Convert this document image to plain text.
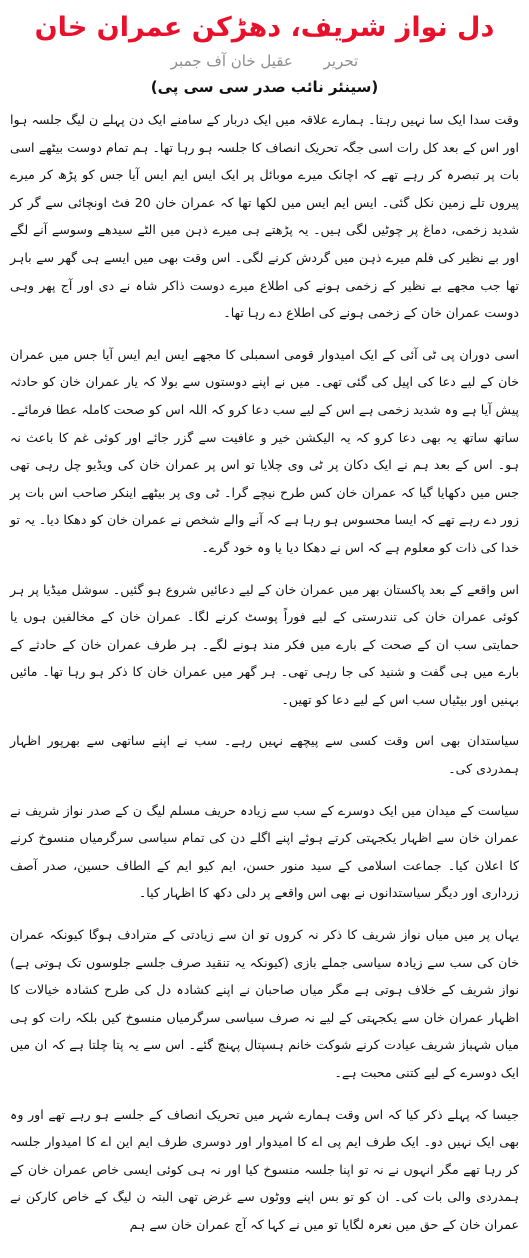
دل نواز شریف، دھڑکن عمران خان
تحریر عقیل خان آف جمبر
(سینئر نائب صدر سی سی پی)

وقت سدا ایک سا نہیں رہتا۔ ہمارے علاقہ میں ایک دربار کے سامنے ایک دن پہلے ن لیگ جلسہ ہوا اور اس کے بعد کل رات اسی جگہ تحریک انصاف کا جلسہ ہو رہا تھا۔ ہم تمام دوست بیٹھے اسی بات پر تبصرہ کر رہے تھے کہ اچانک میرے موبائل پر ایک ایس ایم ایس آیا جس کو پڑھ کر میرے پیروں تلے زمین نکل گئی۔ ایس ایم ایس میں لکھا تھا کہ عمران خان 20 فٹ اونچائی سے گر کر شدید زخمی، دماغ پر چوٹیں لگی ہیں۔ یہ پڑھتے ہی میرے ذہن میں الٹے سیدھے وسوسے آنے لگے اور بے نظیر کی فلم میرے ذہن میں گردش کرنے لگی۔ اس وقت بھی میں ایسے ہی گھر سے باہر تھا جب مجھے بے نظیر کے زخمی ہونے کی اطلاع میرے دوست ذاکر شاہ نے دی اور آج پھر وہی دوست عمران خان کے زخمی ہونے کی اطلاع دے رہا تھا۔

اسی دوران پی ٹی آئی کے ایک امیدوار قومی اسمبلی کا مجھے ایس ایم ایس آیا جس میں عمران خان کے لیے دعا کی اپیل کی گئی تھی۔ میں نے اپنے دوستوں سے بولا کہ یار عمران خان کو حادثہ پیش آیا ہے وہ شدید زخمی ہے اس کے لیے سب دعا کرو کہ اللہ اس کو صحت کاملہ عطا فرمائے۔ ساتھ ساتھ یہ بھی دعا کرو کہ یہ الیکشن خیر و عافیت سے گزر جائے اور کوئی غم کا باعث نہ ہو۔ اس کے بعد ہم نے ایک دکان پر ٹی وی چلایا تو اس پر عمران خان کی ویڈیو چل رہی تھی جس میں دکھایا گیا کہ عمران خان کس طرح نیچے گرا۔ ٹی وی پر بیٹھے اینکر صاحب اس بات پر زور دے رہے تھے کہ ایسا محسوس ہو رہا ہے کہ آنے والے شخص نے عمران خان کو دھکا دیا۔ یہ تو خدا کی ذات کو معلوم ہے کہ اس نے دھکا دیا یا وہ خود گرے۔

اس واقعے کے بعد پاکستان بھر میں عمران خان کے لیے دعائیں شروع ہو گئیں۔ سوشل میڈیا پر ہر کوئی عمران خان کی تندرستی کے لیے فوراً پوسٹ کرنے لگا۔ عمران خان کے مخالفین ہوں یا حمایتی سب ان کے صحت کے بارے میں فکر مند ہونے لگے۔ ہر طرف عمران خان کے حادثے کے بارے میں ہی گفت و شنید کی جا رہی تھی۔ ہر گھر میں عمران خان کا ذکر ہو رہا تھا۔ مائیں بہنیں اور بیٹیاں سب اس کے لیے دعا کو تھیں۔

سیاستدان بھی اس وقت کسی سے پیچھے نہیں رہے۔ سب نے اپنے ساتھی سے بھرپور اظہار ہمدردی کی۔

سیاست کے میدان میں ایک دوسرے کے سب سے زیادہ حریف مسلم لیگ ن کے صدر نواز شریف نے عمران خان سے اظہار یکجہتی کرتے ہوئے اپنے اگلے دن کی تمام سیاسی سرگرمیاں منسوخ کرنے کا اعلان کیا۔ جماعت اسلامی کے سید منور حسن، ایم کیو ایم کے الطاف حسین، صدر آصف زرداری اور دیگر سیاستدانوں نے بھی اس واقعے پر دلی دکھ کا اظہار کیا۔

یہاں پر میں میاں نواز شریف کا ذکر نہ کروں تو ان سے زیادتی کے مترادف ہوگا کیونکہ عمران خان کی سب سے زیادہ سیاسی جملے بازی (کیونکہ یہ تنقید صرف جلسے جلوسوں تک ہوتی ہے) نواز شریف کے خلاف ہوتی ہے مگر میاں صاحبان نے اپنے کشادہ دل کی طرح کشادہ خیالات کا اظہار عمران خان سے یکجہتی کے لیے نہ صرف سیاسی سرگرمیاں منسوخ کیں بلکہ رات کو ہی میاں شہباز شریف عیادت کرنے شوکت خانم ہسپتال پہنچ گئے۔ اس سے یہ پتا چلتا ہے کہ ان میں ایک دوسرے کے لیے کتنی محبت ہے۔

جیسا کہ پہلے ذکر کیا کہ اس وقت ہمارے شہر میں تحریک انصاف کے جلسے ہو رہے تھے اور وہ بھی ایک نہیں دو۔ ایک طرف ایم پی اے کا امیدوار اور دوسری طرف ایم این اے کا امیدوار جلسہ کر رہا تھے مگر انہوں نے نہ تو اپنا جلسہ منسوخ کیا اور نہ ہی کوئی ایسی خاص عمران خان کے ہمدردی والی بات کی۔ ان کو تو بس اپنے ووٹوں سے غرض تھی البتہ ن لیگ کے خاص کارکن نے عمران خان کے حق میں نعرہ لگایا تو میں نے کہا کہ آج عمران خان سے ہم
